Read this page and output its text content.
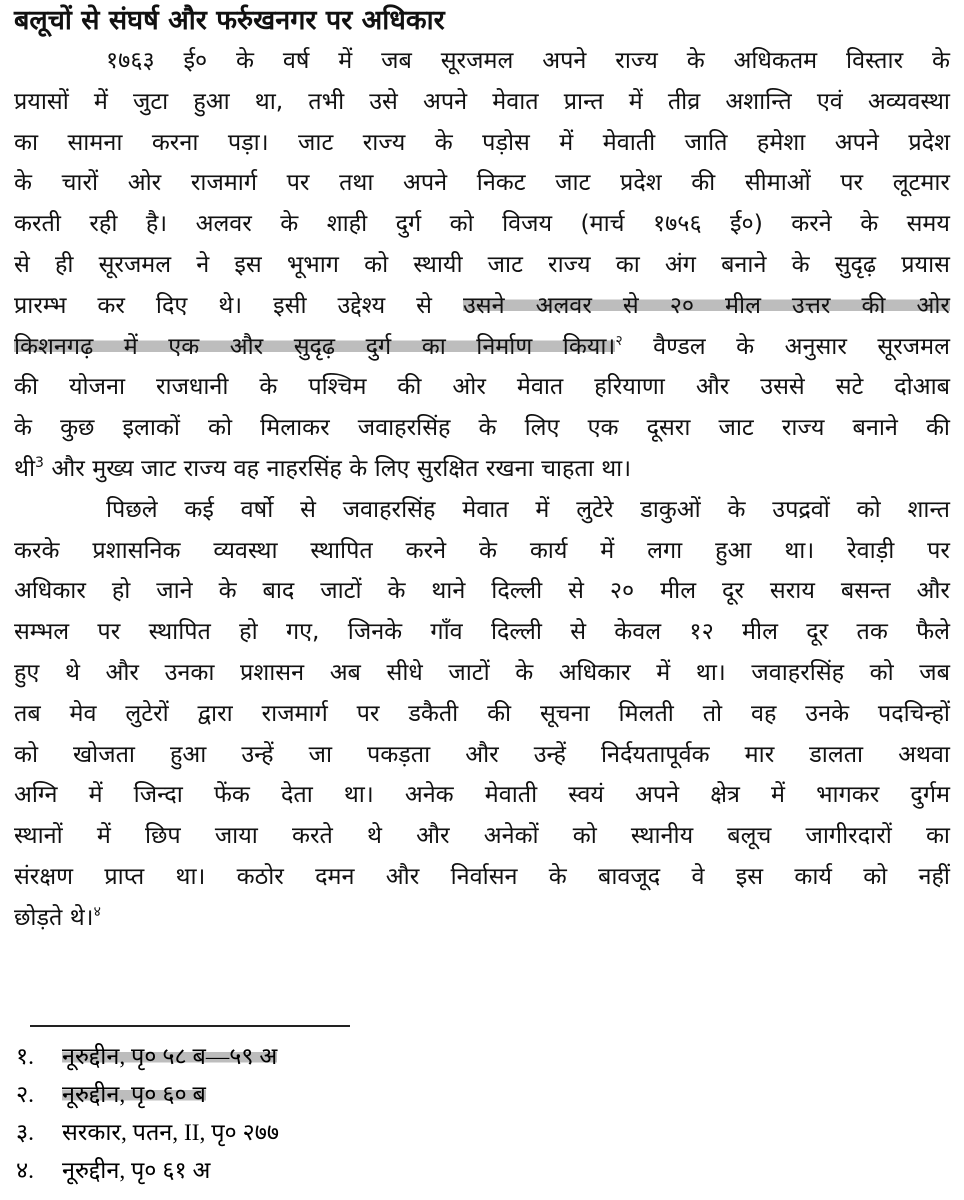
बलूचों से संघर्ष और फर्रुखनगर पर अधिकार
१७६३ ई० के वर्ष में जब सूरजमल अपने राज्य के अधिकतम विस्तार के
प्रयासों में जुटा हुआ था, तभी उसे अपने मेवात प्रान्त में तीव्र अशान्ति एवं अव्यवस्था
का सामना करना पड़ा। जाट राज्य के पड़ोस में मेवाती जाति हमेशा अपने प्रदेश
के चारों ओर राजमार्ग पर तथा अपने निकट जाट प्रदेश की सीमाओं पर लूटमार
करती रही है। अलवर के शाही दुर्ग को विजय (मार्च १७५६ ई०) करने के समय
से ही सूरजमल ने इस भूभाग को स्थायी जाट राज्य का अंग बनाने के सुदृढ़ प्रयास
प्रारम्भ कर दिए थे। इसी उद्देश्य से उसने अलवर से २० मील उत्तर की ओर
किशनगढ़ में एक और सुदृढ़ दुर्ग का निर्माण किया।$^२$ वैण्डल के अनुसार सूरजमल
की योजना राजधानी के पश्चिम की ओर मेवात हरियाणा और उससे सटे दोआब
के कुछ इलाकों को मिलाकर जवाहरसिंह के लिए एक दूसरा जाट राज्य बनाने की
थी$^3$ और मुख्य जाट राज्य वह नाहरसिंह के लिए सुरक्षित रखना चाहता था।
पिछले कई वर्षो से जवाहरसिंह मेवात में लुटेरे डाकुओं के उपद्रवों को शान्त
करके प्रशासनिक व्यवस्था स्थापित करने के कार्य में लगा हुआ था। रेवाड़ी पर
अधिकार हो जाने के बाद जाटों के थाने दिल्ली से २० मील दूर सराय बसन्त और
सम्भल पर स्थापित हो गए, जिनके गाँव दिल्ली से केवल १२ मील दूर तक फैले
हुए थे और उनका प्रशासन अब सीधे जाटों के अधिकार में था। जवाहरसिंह को जब
तब मेव लुटेरों द्वारा राजमार्ग पर डकैती की सूचना मिलती तो वह उनके पदचिन्हों
को खोजता हुआ उन्हें जा पकड़ता और उन्हें निर्दयतापूर्वक मार डालता अथवा
अग्नि में जिन्दा फेंक देता था। अनेक मेवाती स्वयं अपने क्षेत्र में भागकर दुर्गम
स्थानों में छिप जाया करते थे और अनेकों को स्थानीय बलूच जागीरदारों का
संरक्षण प्राप्त था। कठोर दमन और निर्वासन के बावजूद वे इस कार्य को नहीं
छोड़ते थे।$^४$
१. नूरुद्दीन, पृ० ५८ ब—५९ अ
२. नूरुद्दीन, पृ० ६० ब
३. सरकार, पतन, II, पृ० २७७
४. नूरुद्दीन, पृ० ६१ अ
